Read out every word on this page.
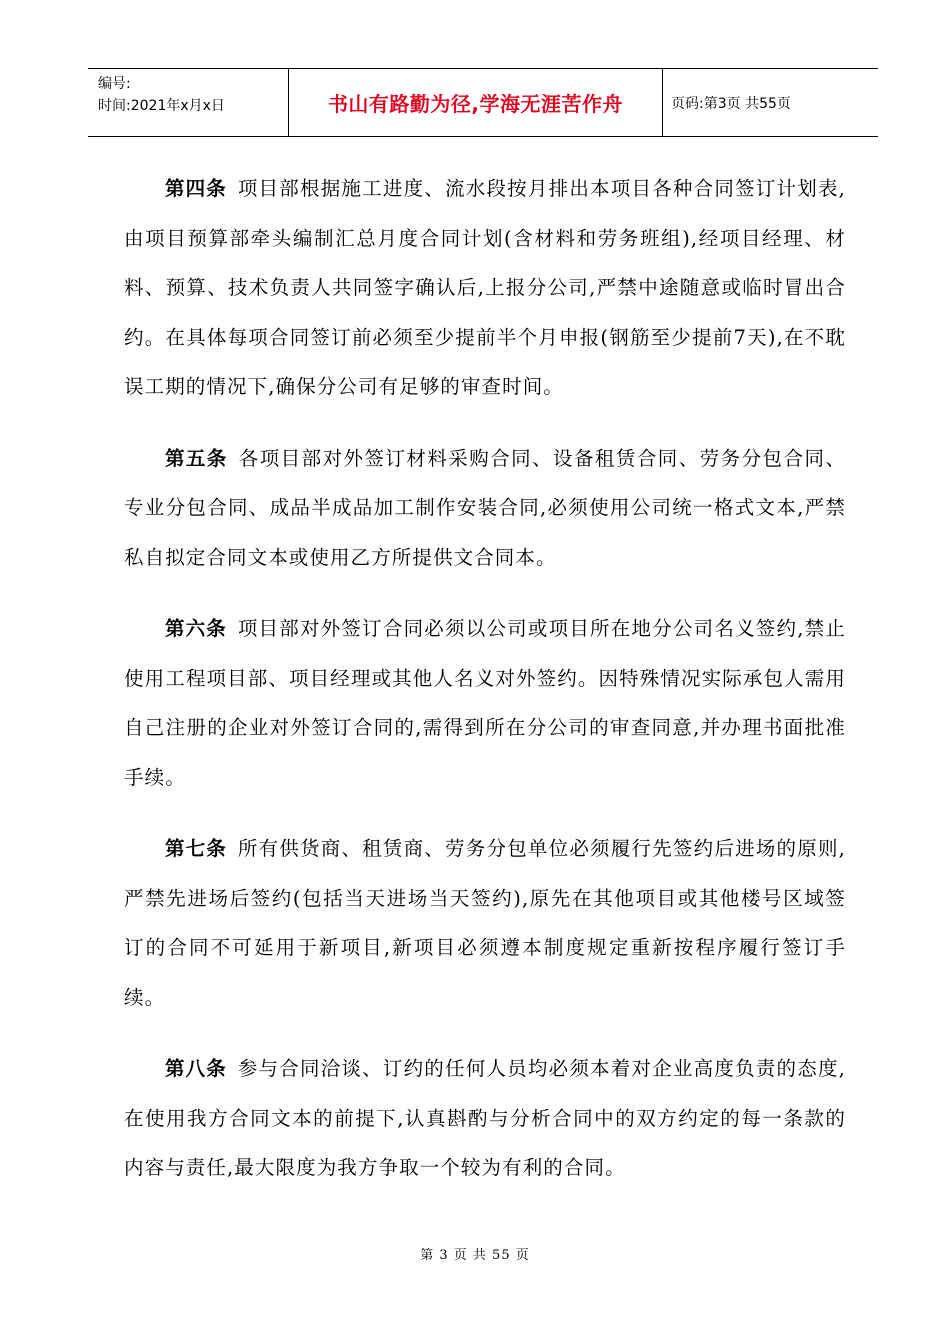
编号:
时间:2021年x月x日	书山有路勤为径,学海无涯苦作舟	页码:第3页 共55页

第四条  项目部根据施工进度、流水段按月排出本项目各种合同签订计划表,由项目预算部牵头编制汇总月度合同计划(含材料和劳务班组),经项目经理、材料、预算、技术负责人共同签字确认后,上报分公司,严禁中途随意或临时冒出合约。在具体每项合同签订前必须至少提前半个月申报(钢筋至少提前7天),在不耽误工期的情况下,确保分公司有足够的审查时间。

第五条  各项目部对外签订材料采购合同、设备租赁合同、劳务分包合同、专业分包合同、成品半成品加工制作安装合同,必须使用公司统一格式文本,严禁私自拟定合同文本或使用乙方所提供文合同本。

第六条  项目部对外签订合同必须以公司或项目所在地分公司名义签约,禁止使用工程项目部、项目经理或其他人名义对外签约。因特殊情况实际承包人需用自己注册的企业对外签订合同的,需得到所在分公司的审查同意,并办理书面批准手续。

第七条  所有供货商、租赁商、劳务分包单位必须履行先签约后进场的原则,严禁先进场后签约(包括当天进场当天签约),原先在其他项目或其他楼号区域签订的合同不可延用于新项目,新项目必须遵本制度规定重新按程序履行签订手续。

第八条  参与合同洽谈、订约的任何人员均必须本着对企业高度负责的态度,在使用我方合同文本的前提下,认真斟酌与分析合同中的双方约定的每一条款的内容与责任,最大限度为我方争取一个较为有利的合同。

第 3 页 共 55 页
